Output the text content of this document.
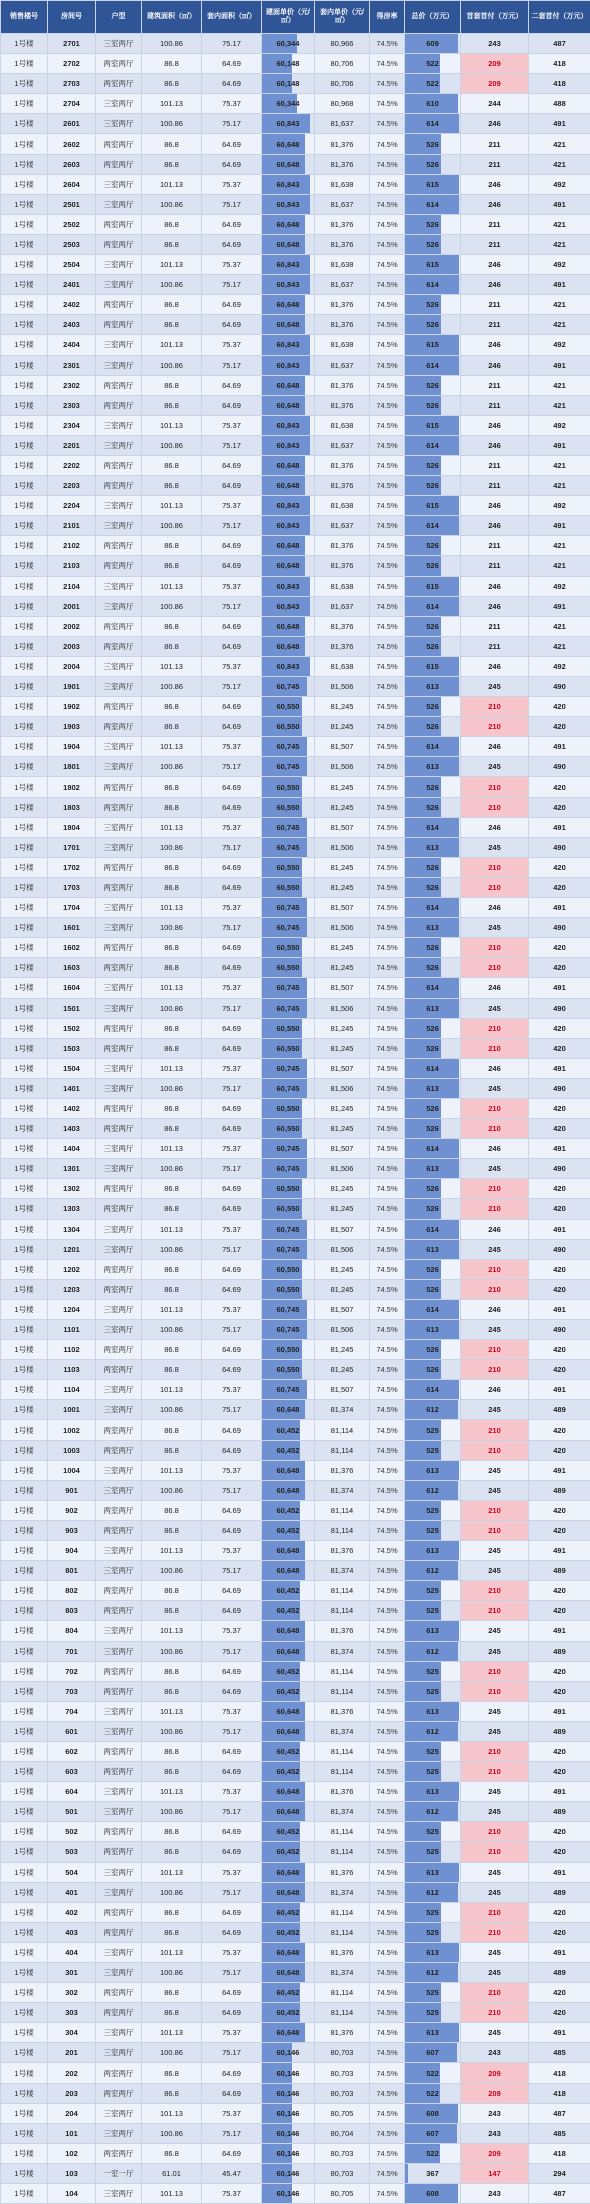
销售楼号	房间号	户型	建筑面积（㎡）	套内面积（㎡）	建面单价（元/㎡）	套内单价（元/㎡）	得房率	总价（万元）	首套首付（万元）	二套首付（万元）
1号楼	2701	三室两厅	100.86	75.17	60,344	80,966	74.5%	609	243	487
1号楼	2702	两室两厅	86.8	64.69	60,148	80,706	74.5%	522	209	418
1号楼	2703	两室两厅	86.8	64.69	60,148	80,706	74.5%	522	209	418
1号楼	2704	三室两厅	101.13	75.37	60,344	80,968	74.5%	610	244	488
1号楼	2601	三室两厅	100.86	75.17	60,843	81,637	74.5%	614	246	491
1号楼	2602	两室两厅	86.8	64.69	60,648	81,376	74.5%	526	211	421
1号楼	2603	两室两厅	86.8	64.69	60,648	81,376	74.5%	526	211	421
1号楼	2604	三室两厅	101.13	75.37	60,843	81,638	74.5%	615	246	492
1号楼	2501	三室两厅	100.86	75.17	60,843	81,637	74.5%	614	246	491
1号楼	2502	两室两厅	86.8	64.69	60,648	81,376	74.5%	526	211	421
1号楼	2503	两室两厅	86.8	64.69	60,648	81,376	74.5%	526	211	421
1号楼	2504	三室两厅	101.13	75.37	60,843	81,638	74.5%	615	246	492
1号楼	2401	三室两厅	100.86	75.17	60,843	81,637	74.5%	614	246	491
1号楼	2402	两室两厅	86.8	64.69	60,648	81,376	74.5%	526	211	421
1号楼	2403	两室两厅	86.8	64.69	60,648	81,376	74.5%	526	211	421
1号楼	2404	三室两厅	101.13	75.37	60,843	81,638	74.5%	615	246	492
1号楼	2301	三室两厅	100.86	75.17	60,843	81,637	74.5%	614	246	491
1号楼	2302	两室两厅	86.8	64.69	60,648	81,376	74.5%	526	211	421
1号楼	2303	两室两厅	86.8	64.69	60,648	81,376	74.5%	526	211	421
1号楼	2304	三室两厅	101.13	75.37	60,843	81,638	74.5%	615	246	492
1号楼	2201	三室两厅	100.86	75.17	60,843	81,637	74.5%	614	246	491
1号楼	2202	两室两厅	86.8	64.69	60,648	81,376	74.5%	526	211	421
1号楼	2203	两室两厅	86.8	64.69	60,648	81,376	74.5%	526	211	421
1号楼	2204	三室两厅	101.13	75.37	60,843	81,638	74.5%	615	246	492
1号楼	2101	三室两厅	100.86	75.17	60,843	81,637	74.5%	614	246	491
1号楼	2102	两室两厅	86.8	64.69	60,648	81,376	74.5%	526	211	421
1号楼	2103	两室两厅	86.8	64.69	60,648	81,376	74.5%	526	211	421
1号楼	2104	三室两厅	101.13	75.37	60,843	81,638	74.5%	615	246	492
1号楼	2001	三室两厅	100.86	75.17	60,843	81,637	74.5%	614	246	491
1号楼	2002	两室两厅	86.8	64.69	60,648	81,376	74.5%	526	211	421
1号楼	2003	两室两厅	86.8	64.69	60,648	81,376	74.5%	526	211	421
1号楼	2004	三室两厅	101.13	75.37	60,843	81,638	74.5%	615	246	492
1号楼	1901	三室两厅	100.86	75.17	60,745	81,506	74.5%	613	245	490
1号楼	1902	两室两厅	86.8	64.69	60,550	81,245	74.5%	526	210	420
1号楼	1903	两室两厅	86.8	64.69	60,550	81,245	74.5%	526	210	420
1号楼	1904	三室两厅	101.13	75.37	60,745	81,507	74.5%	614	246	491
1号楼	1801	三室两厅	100.86	75.17	60,745	81,506	74.5%	613	245	490
1号楼	1802	两室两厅	86.8	64.69	60,550	81,245	74.5%	526	210	420
1号楼	1803	两室两厅	86.8	64.69	60,550	81,245	74.5%	526	210	420
1号楼	1804	三室两厅	101.13	75.37	60,745	81,507	74.5%	614	246	491
1号楼	1701	三室两厅	100.86	75.17	60,745	81,506	74.5%	613	245	490
1号楼	1702	两室两厅	86.8	64.69	60,550	81,245	74.5%	526	210	420
1号楼	1703	两室两厅	86.8	64.69	60,550	81,245	74.5%	526	210	420
1号楼	1704	三室两厅	101.13	75.37	60,745	81,507	74.5%	614	246	491
1号楼	1601	三室两厅	100.86	75.17	60,745	81,506	74.5%	613	245	490
1号楼	1602	两室两厅	86.8	64.69	60,550	81,245	74.5%	526	210	420
1号楼	1603	两室两厅	86.8	64.69	60,550	81,245	74.5%	526	210	420
1号楼	1604	三室两厅	101.13	75.37	60,745	81,507	74.5%	614	246	491
1号楼	1501	三室两厅	100.86	75.17	60,745	81,506	74.5%	613	245	490
1号楼	1502	两室两厅	86.8	64.69	60,550	81,245	74.5%	526	210	420
1号楼	1503	两室两厅	86.8	64.69	60,550	81,245	74.5%	526	210	420
1号楼	1504	三室两厅	101.13	75.37	60,745	81,507	74.5%	614	246	491
1号楼	1401	三室两厅	100.86	75.17	60,745	81,506	74.5%	613	245	490
1号楼	1402	两室两厅	86.8	64.69	60,550	81,245	74.5%	526	210	420
1号楼	1403	两室两厅	86.8	64.69	60,550	81,245	74.5%	526	210	420
1号楼	1404	三室两厅	101.13	75.37	60,745	81,507	74.5%	614	246	491
1号楼	1301	三室两厅	100.86	75.17	60,745	81,506	74.5%	613	245	490
1号楼	1302	两室两厅	86.8	64.69	60,550	81,245	74.5%	526	210	420
1号楼	1303	两室两厅	86.8	64.69	60,550	81,245	74.5%	526	210	420
1号楼	1304	三室两厅	101.13	75.37	60,745	81,507	74.5%	614	246	491
1号楼	1201	三室两厅	100.86	75.17	60,745	81,506	74.5%	613	245	490
1号楼	1202	两室两厅	86.8	64.69	60,550	81,245	74.5%	526	210	420
1号楼	1203	两室两厅	86.8	64.69	60,550	81,245	74.5%	526	210	420
1号楼	1204	三室两厅	101.13	75.37	60,745	81,507	74.5%	614	246	491
1号楼	1101	三室两厅	100.86	75.17	60,745	81,506	74.5%	613	245	490
1号楼	1102	两室两厅	86.8	64.69	60,550	81,245	74.5%	526	210	420
1号楼	1103	两室两厅	86.8	64.69	60,550	81,245	74.5%	526	210	420
1号楼	1104	三室两厅	101.13	75.37	60,745	81,507	74.5%	614	246	491
1号楼	1001	三室两厅	100.86	75.17	60,648	81,374	74.5%	612	245	489
1号楼	1002	两室两厅	86.8	64.69	60,452	81,114	74.5%	525	210	420
1号楼	1003	两室两厅	86.8	64.69	60,452	81,114	74.5%	525	210	420
1号楼	1004	三室两厅	101.13	75.37	60,648	81,376	74.5%	613	245	491
1号楼	901	三室两厅	100.86	75.17	60,648	81,374	74.5%	612	245	489
1号楼	902	两室两厅	86.8	64.69	60,452	81,114	74.5%	525	210	420
1号楼	903	两室两厅	86.8	64.69	60,452	81,114	74.5%	525	210	420
1号楼	904	三室两厅	101.13	75.37	60,648	81,376	74.5%	613	245	491
1号楼	801	三室两厅	100.86	75.17	60,648	81,374	74.5%	612	245	489
1号楼	802	两室两厅	86.8	64.69	60,452	81,114	74.5%	525	210	420
1号楼	803	两室两厅	86.8	64.69	60,452	81,114	74.5%	525	210	420
1号楼	804	三室两厅	101.13	75.37	60,648	81,376	74.5%	613	245	491
1号楼	701	三室两厅	100.86	75.17	60,648	81,374	74.5%	612	245	489
1号楼	702	两室两厅	86.8	64.69	60,452	81,114	74.5%	525	210	420
1号楼	703	两室两厅	86.8	64.69	60,452	81,114	74.5%	525	210	420
1号楼	704	三室两厅	101.13	75.37	60,648	81,376	74.5%	613	245	491
1号楼	601	三室两厅	100.86	75.17	60,648	81,374	74.5%	612	245	489
1号楼	602	两室两厅	86.8	64.69	60,452	81,114	74.5%	525	210	420
1号楼	603	两室两厅	86.8	64.69	60,452	81,114	74.5%	525	210	420
1号楼	604	三室两厅	101.13	75.37	60,648	81,376	74.5%	613	245	491
1号楼	501	三室两厅	100.86	75.17	60,648	81,374	74.5%	612	245	489
1号楼	502	两室两厅	86.8	64.69	60,452	81,114	74.5%	525	210	420
1号楼	503	两室两厅	86.8	64.69	60,452	81,114	74.5%	525	210	420
1号楼	504	三室两厅	101.13	75.37	60,648	81,376	74.5%	613	245	491
1号楼	401	三室两厅	100.86	75.17	60,648	81,374	74.5%	612	245	489
1号楼	402	两室两厅	86.8	64.69	60,452	81,114	74.5%	525	210	420
1号楼	403	两室两厅	86.8	64.69	60,452	81,114	74.5%	525	210	420
1号楼	404	三室两厅	101.13	75.37	60,648	81,376	74.5%	613	245	491
1号楼	301	三室两厅	100.86	75.17	60,648	81,374	74.5%	612	245	489
1号楼	302	两室两厅	86.8	64.69	60,452	81,114	74.5%	525	210	420
1号楼	303	两室两厅	86.8	64.69	60,452	81,114	74.5%	525	210	420
1号楼	304	三室两厅	101.13	75.37	60,648	81,376	74.5%	613	245	491
1号楼	201	三室两厅	100.86	75.17	60,146	80,703	74.5%	607	243	485
1号楼	202	两室两厅	86.8	64.69	60,146	80,703	74.5%	522	209	418
1号楼	203	两室两厅	86.8	64.69	60,146	80,703	74.5%	522	209	418
1号楼	204	三室两厅	101.13	75.37	60,146	80,705	74.5%	608	243	487
1号楼	101	三室两厅	100.86	75.17	60,146	80,704	74.5%	607	243	485
1号楼	102	两室两厅	86.8	64.69	60,146	80,703	74.5%	522	209	418
1号楼	103	一室一厅	61.01	45.47	60,146	80,703	74.5%	367	147	294
1号楼	104	三室两厅	101.13	75.37	60,146	80,705	74.5%	608	243	487
